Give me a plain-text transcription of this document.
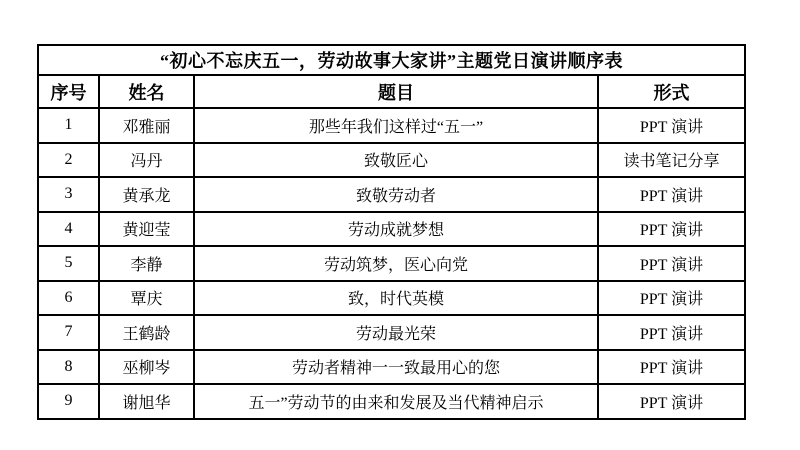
“初心不忘庆五一，劳动故事大家讲”主题党日演讲顺序表			
序号	姓名	题目	形式
1	邓雅丽	那些年我们这样过“五一”	PPT 演讲
2	冯丹	致敬匠心	读书笔记分享
3	黄承龙	致敬劳动者	PPT 演讲
4	黄迎莹	劳动成就梦想	PPT 演讲
5	李静	劳动筑梦，医心向党	PPT 演讲
6	覃庆	致，时代英模	PPT 演讲
7	王鹤龄	劳动最光荣	PPT 演讲
8	巫柳岑	劳动者精神一一致最用心的您	PPT 演讲
9	谢旭华	五一”劳动节的由来和发展及当代精神启示	PPT 演讲
